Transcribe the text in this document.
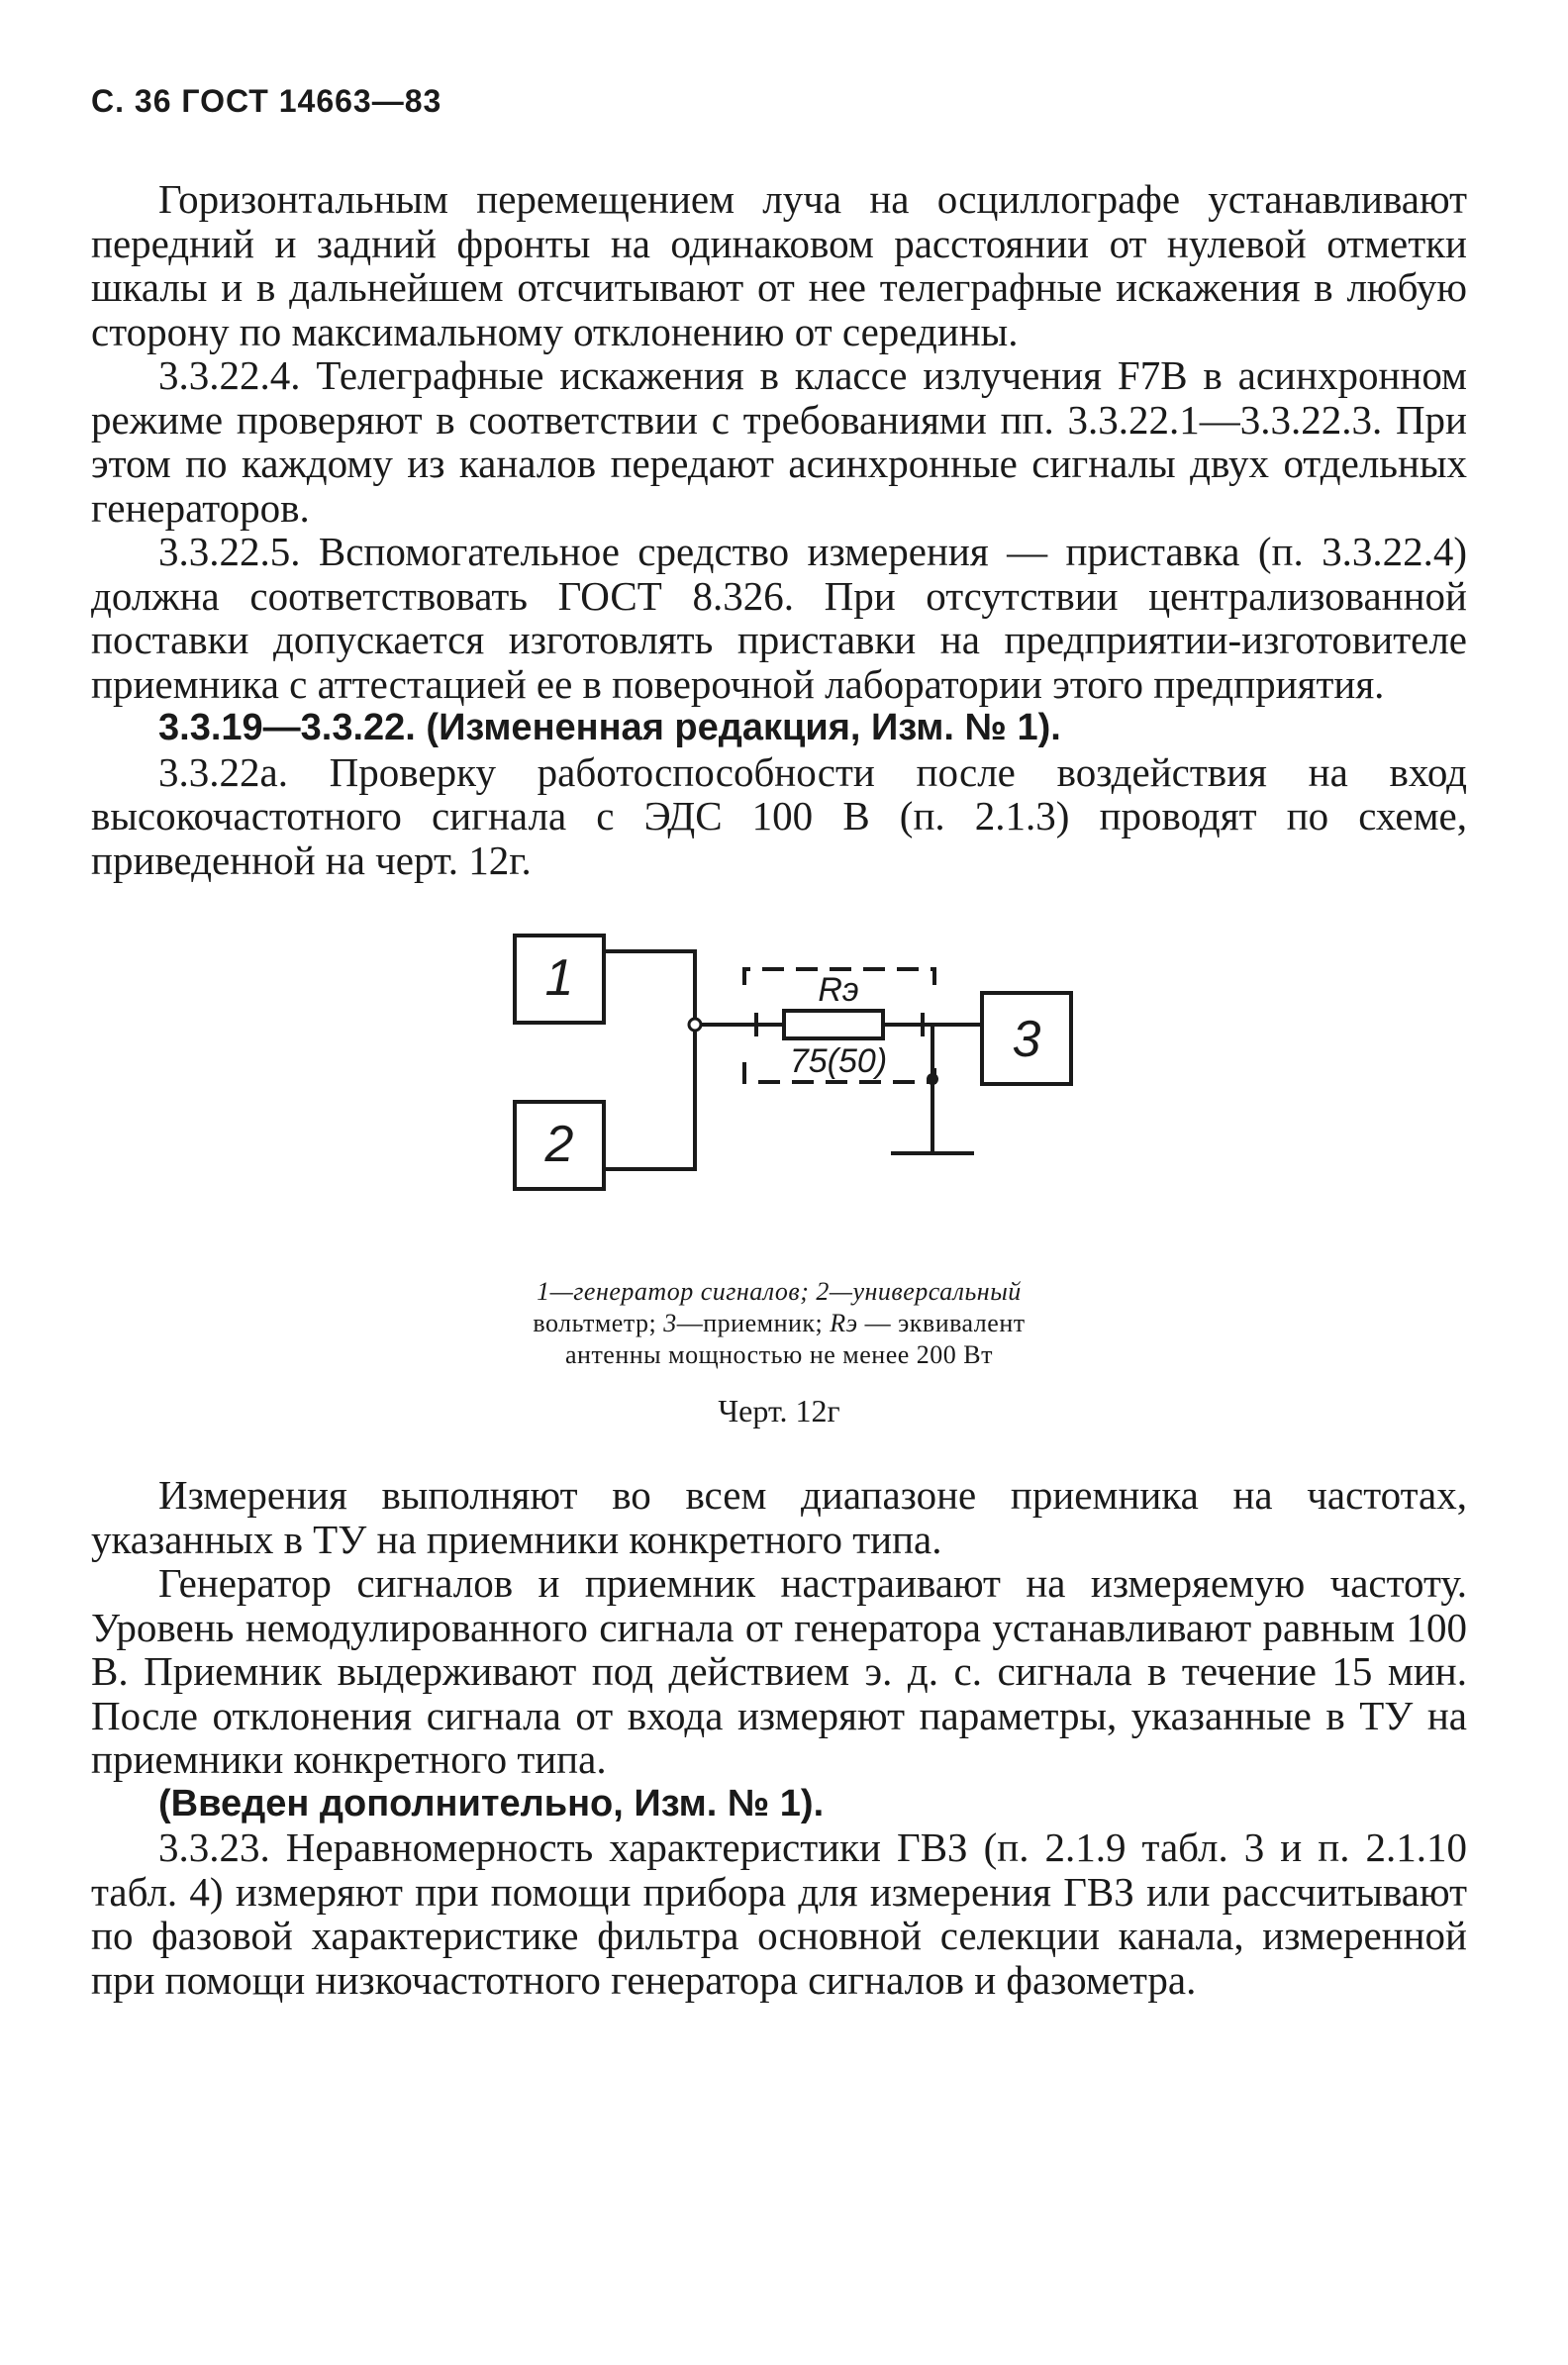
С. 36 ГОСТ 14663—83

Горизонтальным перемещением луча на осциллографе устанавливают передний и задний фронты на одинаковом расстоянии от нулевой отметки шкалы и в дальнейшем отсчитывают от нее телеграфные искажения в любую сторону по максимальному отклонению от середины.

3.3.22.4. Телеграфные искажения в классе излучения F7B в асинхронном режиме проверяют в соответствии с требованиями пп. 3.3.22.1—3.3.22.3. При этом по каждому из каналов передают асинхронные сигналы двух отдельных генераторов.

3.3.22.5. Вспомогательное средство измерения — приставка (п. 3.3.22.4) должна соответствовать ГОСТ 8.326. При отсутствии централизованной поставки допускается изготовлять приставки на предприятии-изготовителе приемника с аттестацией ее в поверочной лаборатории этого предприятия.

3.3.19—3.3.22. (Измененная редакция, Изм. № 1).

3.3.22а. Проверку работоспособности после воздействия на вход высокочастотного сигнала с ЭДС 100 В (п. 2.1.3) проводят по схеме, приведенной на черт. 12г.

1
2
3
Rэ
75(50)
1—генератор сигналов; 2—универсальный
вольтметр; 3—приемник; Rэ — эквивалент
антенны мощностью не менее 200 Вт
Черт. 12г

Измерения выполняют во всем диапазоне приемника на частотах, указанных в ТУ на приемники конкретного типа.

Генератор сигналов и приемник настраивают на измеряемую частоту. Уровень немодулированного сигнала от генератора устанавливают равным 100 В. Приемник выдерживают под действием э. д. с. сигнала в течение 15 мин. После отклонения сигнала от входа измеряют параметры, указанные в ТУ на приемники конкретного типа.

(Введен дополнительно, Изм. № 1).

3.3.23. Неравномерность характеристики ГВЗ (п. 2.1.9 табл. 3 и п. 2.1.10 табл. 4) измеряют при помощи прибора для измерения ГВЗ или рассчитывают по фазовой характеристике фильтра основной селекции канала, измеренной при помощи низкочастотного генератора сигналов и фазометра.
